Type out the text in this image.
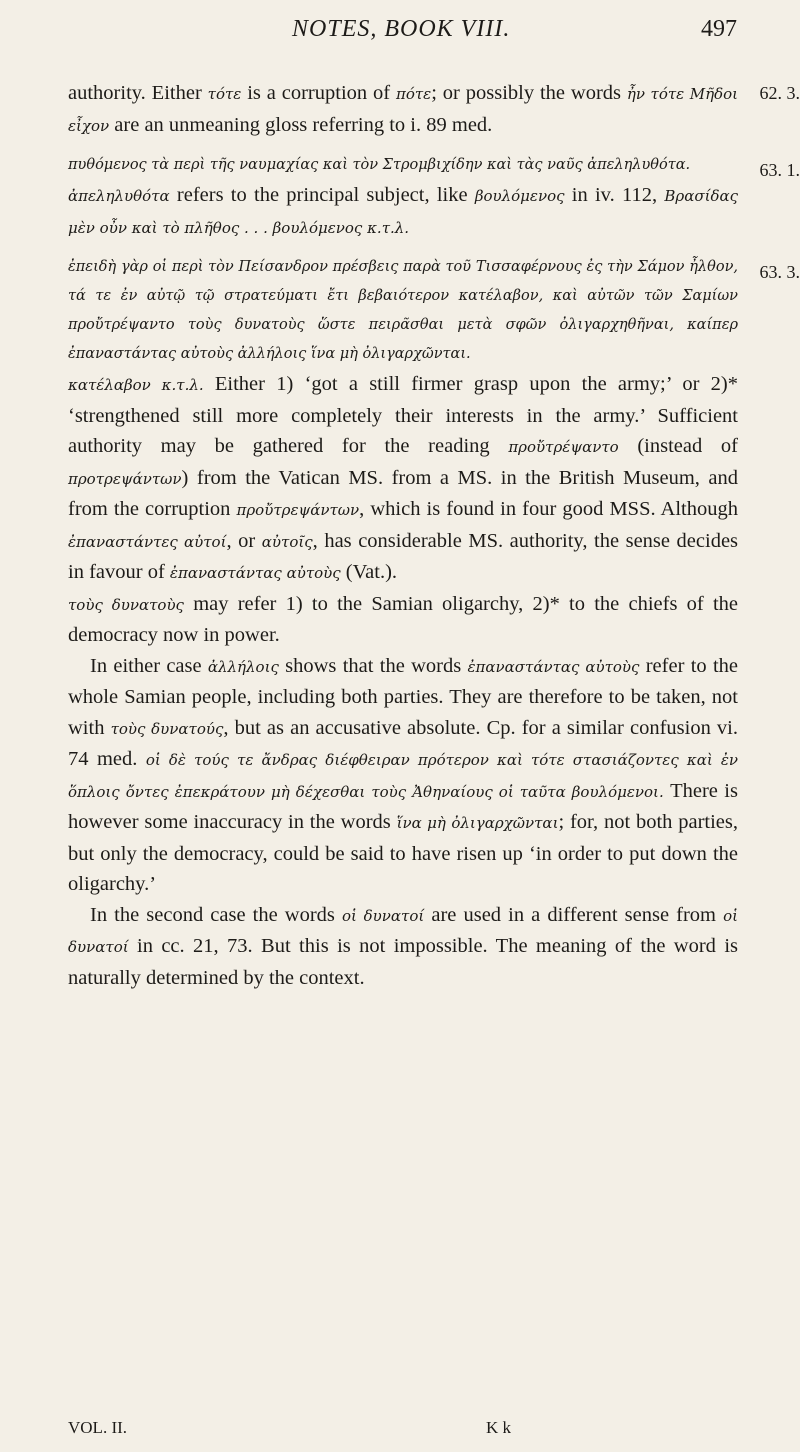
NOTES, BOOK VIII.	497
62. 3.

authority. Either τότε is a corruption of πότε; or possibly the words ἦν τότε Μῆδοι εἶχον are an unmeaning gloss referring to i. 89 med.

63. 1.

πυθόμενος τὰ περὶ τῆς ναυμαχίας καὶ τὸν Στρομβιχίδην καὶ τὰς ναῦς ἀπεληλυθότα.

ἀπεληλυθότα refers to the principal subject, like βουλόμενος in iv. 112, Βρασίδας μὲν οὖν καὶ τὸ πλῆθος . . . βουλόμενος κ.τ.λ.

63. 3.

ἐπειδὴ γὰρ οἱ περὶ τὸν Πείσανδρον πρέσβεις παρὰ τοῦ Τισσαφέρνους ἐς τὴν Σάμον ἦλθον, τά τε ἐν αὐτῷ τῷ στρατεύματι ἔτι βεβαιότερον κατέλαβον, καὶ αὐτῶν τῶν Σαμίων προὔτρέψαντο τοὺς δυνατοὺς ὥστε πειρᾶσθαι μετὰ σφῶν ὀλιγαρχηθῆναι, καίπερ ἐπαναστάντας αὐτοὺς ἀλλήλοις ἵνα μὴ ὀλιγαρχῶνται.

κατέλαβον κ.τ.λ. Either 1) ‘got a still firmer grasp upon the army;’ or 2)* ‘strengthened still more completely their interests in the army.’ Sufficient authority may be gathered for the reading προὔτρέψαντο (instead of προτρεψάντων) from the Vatican MS. from a MS. in the British Museum, and from the corruption προὔτρεψάντων, which is found in four good MSS. Although ἐπαναστάντες αὐτοί, or αὐτοῖς, has considerable MS. authority, the sense decides in favour of ἐπαναστάντας αὐτοὺς (Vat.).

τοὺς δυνατοὺς may refer 1) to the Samian oligarchy, 2)* to the chiefs of the democracy now in power.

In either case ἀλλήλοις shows that the words ἐπαναστάντας αὐτοὺς refer to the whole Samian people, including both parties. They are therefore to be taken, not with τοὺς δυνατούς, but as an accusative absolute. Cp. for a similar confusion vi. 74 med. οἱ δὲ τούς τε ἄνδρας διέφθειραν πρότερον καὶ τότε στασιάζοντες καὶ ἐν ὅπλοις ὄντες ἐπεκράτουν μὴ δέχεσθαι τοὺς Ἀθηναίους οἱ ταῦτα βουλόμενοι. There is however some inaccuracy in the words ἵνα μὴ ὀλιγαρχῶνται; for, not both parties, but only the democracy, could be said to have risen up ‘in order to put down the oligarchy.’

In the second case the words οἱ δυνατοί are used in a different sense from οἱ δυνατοί in cc. 21, 73. But this is not impossible. The meaning of the word is naturally determined by the context.

VOL. II.	K k
